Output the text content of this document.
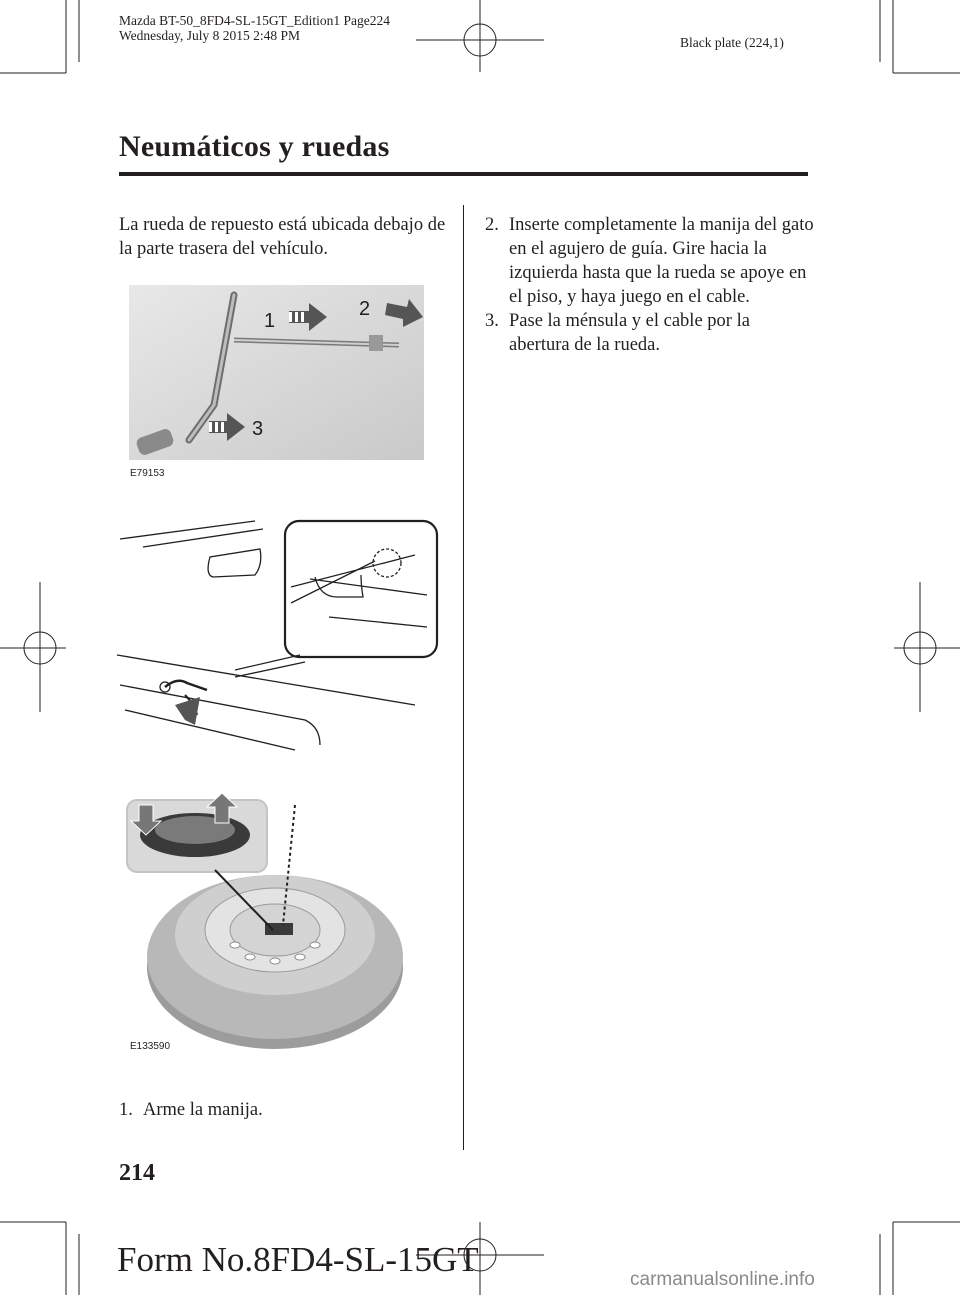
Mazda BT-50_8FD4-SL-15GT_Edition1 Page224
Wednesday, July 8 2015 2:48 PM	Black plate (224,1)
Neumáticos y ruedas
La rueda de repuesto está ubicada debajo de la parte trasera del vehículo.
1
2
3
E79153
E133590
1. Arme la manija.
2. Inserte completamente la manija del gato en el agujero de guía. Gire hacia la izquierda hasta que la rueda se apoye en el piso, y haya juego en el cable.
3. Pase la ménsula y el cable por la abertura de la rueda.
214
Form No.8FD4-SL-15GT
carmanualsonline.info
